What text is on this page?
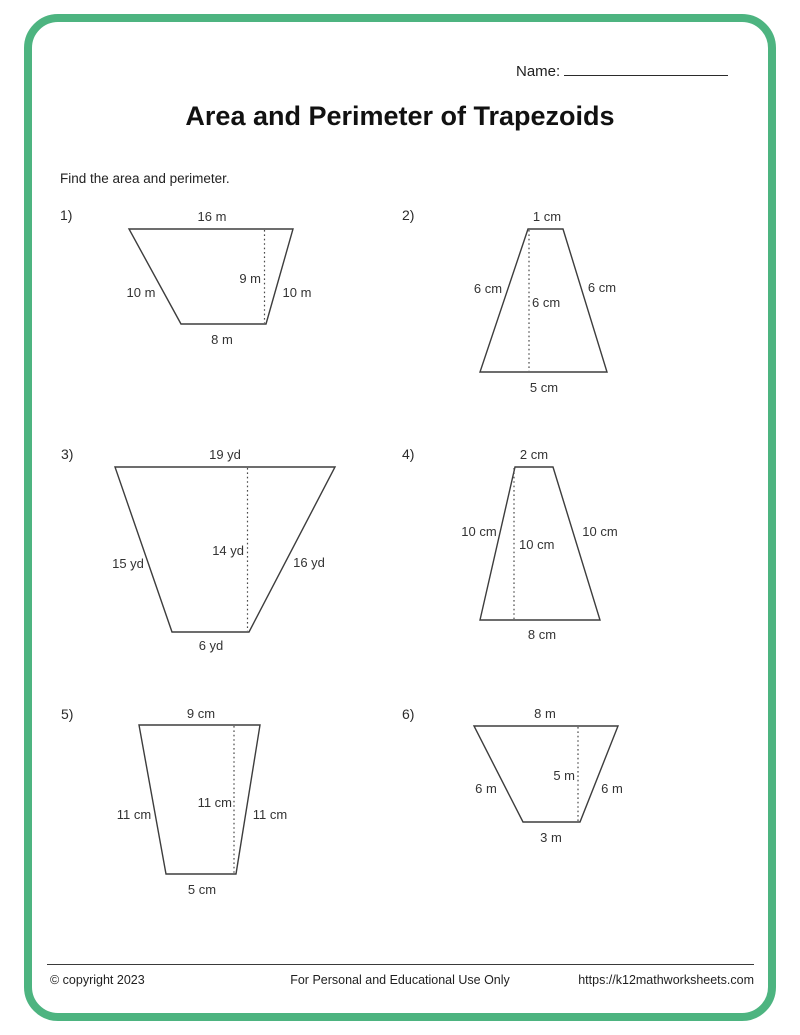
Name:
Area and Perimeter of Trapezoids
Find the area and perimeter.
1)	2)
3)	4)
5)	6)
16 m
10 m
9 m
10 m
8 m
1 cm
6 cm
6 cm
6 cm
5 cm
19 yd
15 yd
14 yd
16 yd
6 yd
2 cm
10 cm
10 cm
10 cm
8 cm
9 cm
11 cm
11 cm
11 cm
5 cm
8 m
6 m
5 m
6 m
3 m
© copyright 2023	For Personal and Educational Use Only	https://k12mathworksheets.com
